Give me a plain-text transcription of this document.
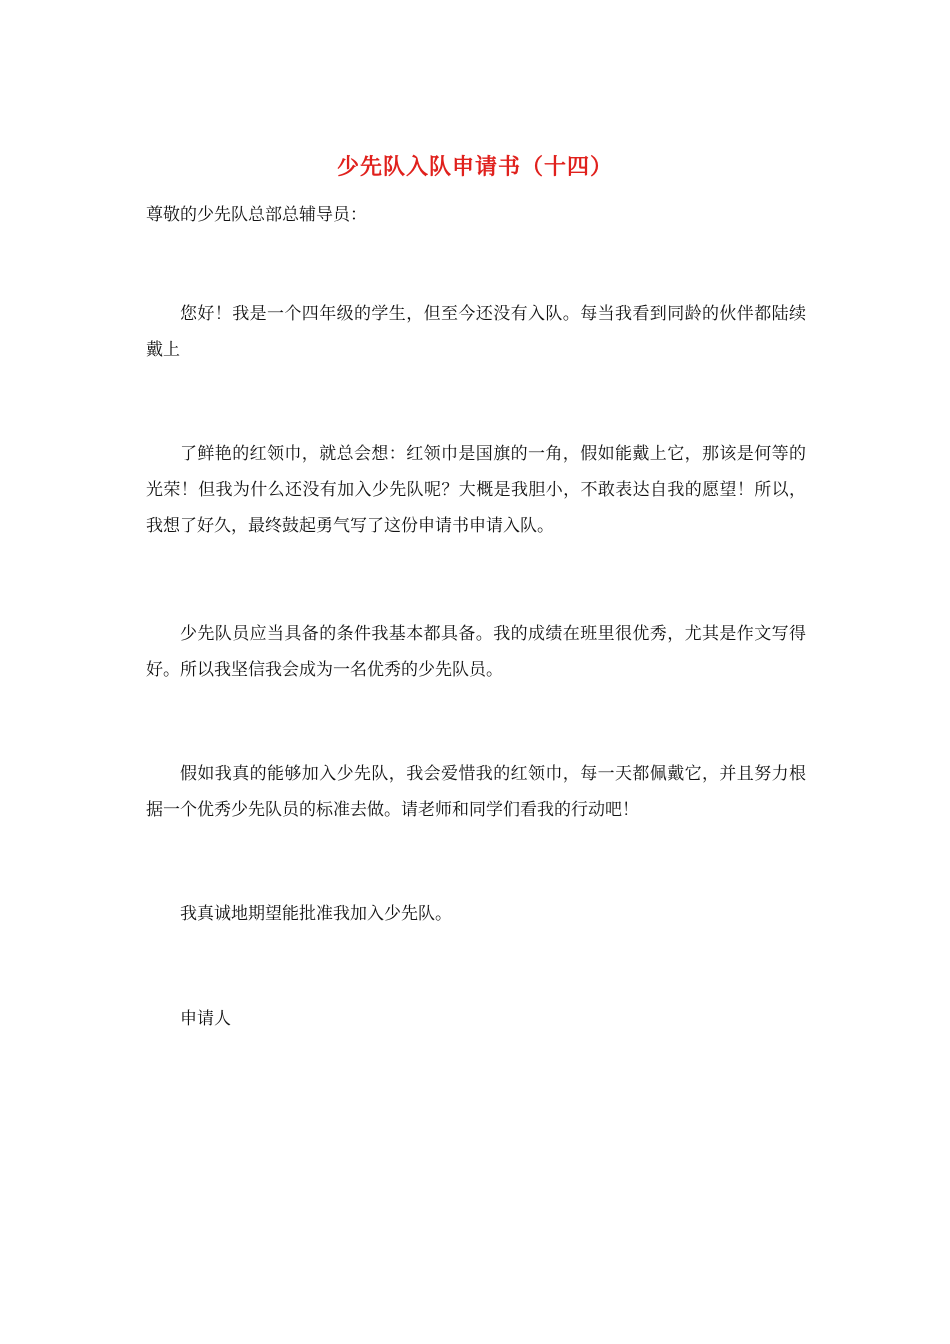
少先队入队申请书（十四）

尊敬的少先队总部总辅导员：

您好！我是一个四年级的学生，但至今还没有入队。每当我看到同龄的伙伴都陆续戴上

了鲜艳的红领巾，就总会想：红领巾是国旗的一角，假如能戴上它，那该是何等的光荣！但我为什么还没有加入少先队呢？大概是我胆小，不敢表达自我的愿望！所以，我想了好久，最终鼓起勇气写了这份申请书申请入队。

少先队员应当具备的条件我基本都具备。我的成绩在班里很优秀，尤其是作文写得好。所以我坚信我会成为一名优秀的少先队员。

假如我真的能够加入少先队，我会爱惜我的红领巾，每一天都佩戴它，并且努力根据一个优秀少先队员的标准去做。请老师和同学们看我的行动吧！

我真诚地期望能批准我加入少先队。

申请人
